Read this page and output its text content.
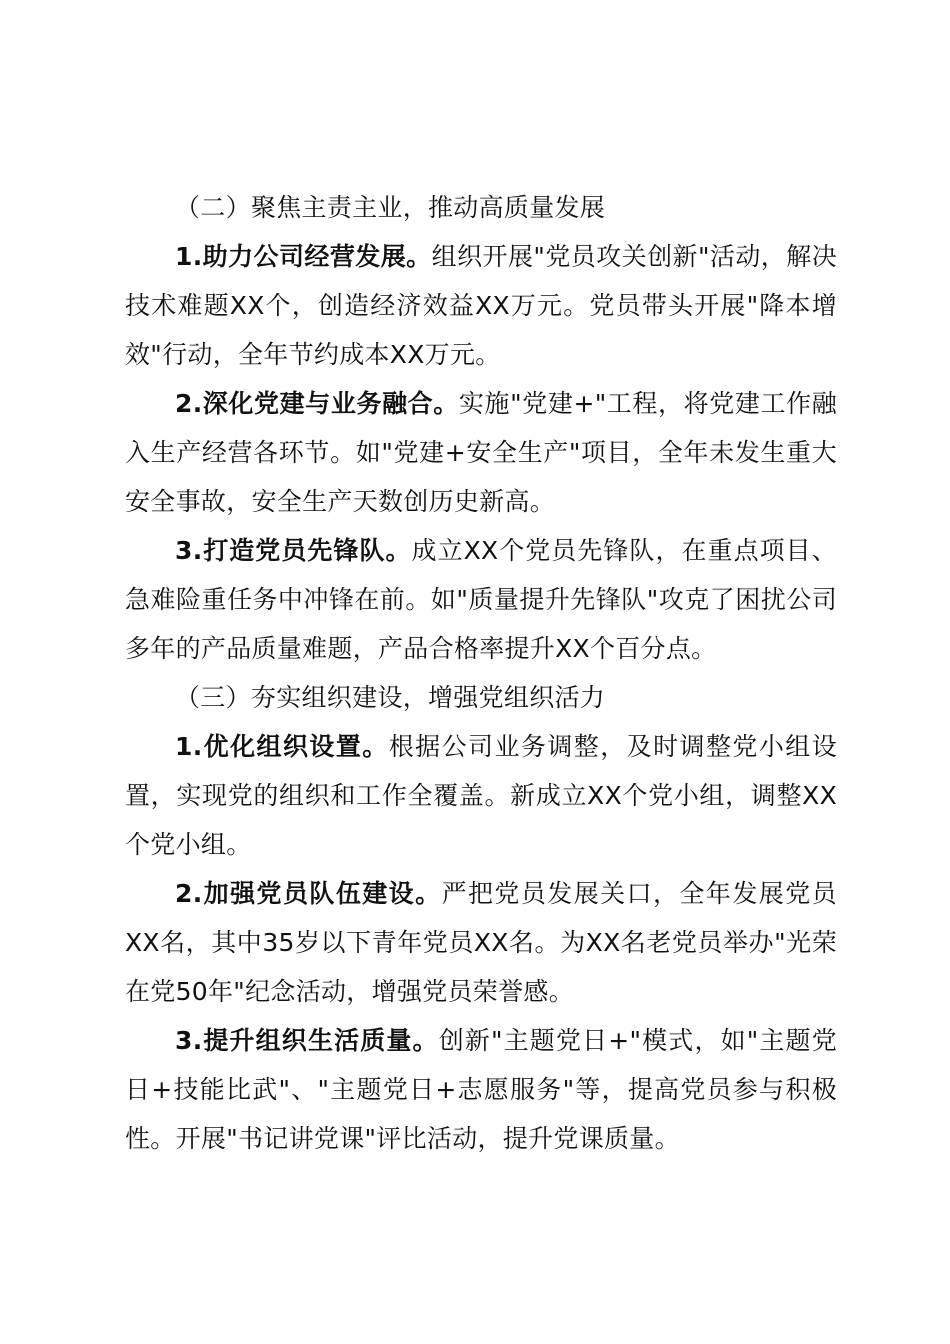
（二）聚焦主责主业，推动高质量发展

1.助力公司经营发展。组织开展"党员攻关创新"活动，解决技术难题XX个，创造经济效益XX万元。党员带头开展"降本增效"行动，全年节约成本XX万元。

2.深化党建与业务融合。实施"党建+"工程，将党建工作融入生产经营各环节。如"党建+安全生产"项目，全年未发生重大安全事故，安全生产天数创历史新高。

3.打造党员先锋队。成立XX个党员先锋队，在重点项目、急难险重任务中冲锋在前。如"质量提升先锋队"攻克了困扰公司多年的产品质量难题，产品合格率提升XX个百分点。

（三）夯实组织建设，增强党组织活力

1.优化组织设置。根据公司业务调整，及时调整党小组设置，实现党的组织和工作全覆盖。新成立XX个党小组，调整XX个党小组。

2.加强党员队伍建设。严把党员发展关口，全年发展党员XX名，其中35岁以下青年党员XX名。为XX名老党员举办"光荣在党50年"纪念活动，增强党员荣誉感。

3.提升组织生活质量。创新"主题党日+"模式，如"主题党日+技能比武"、"主题党日+志愿服务"等，提高党员参与积极性。开展"书记讲党课"评比活动，提升党课质量。
